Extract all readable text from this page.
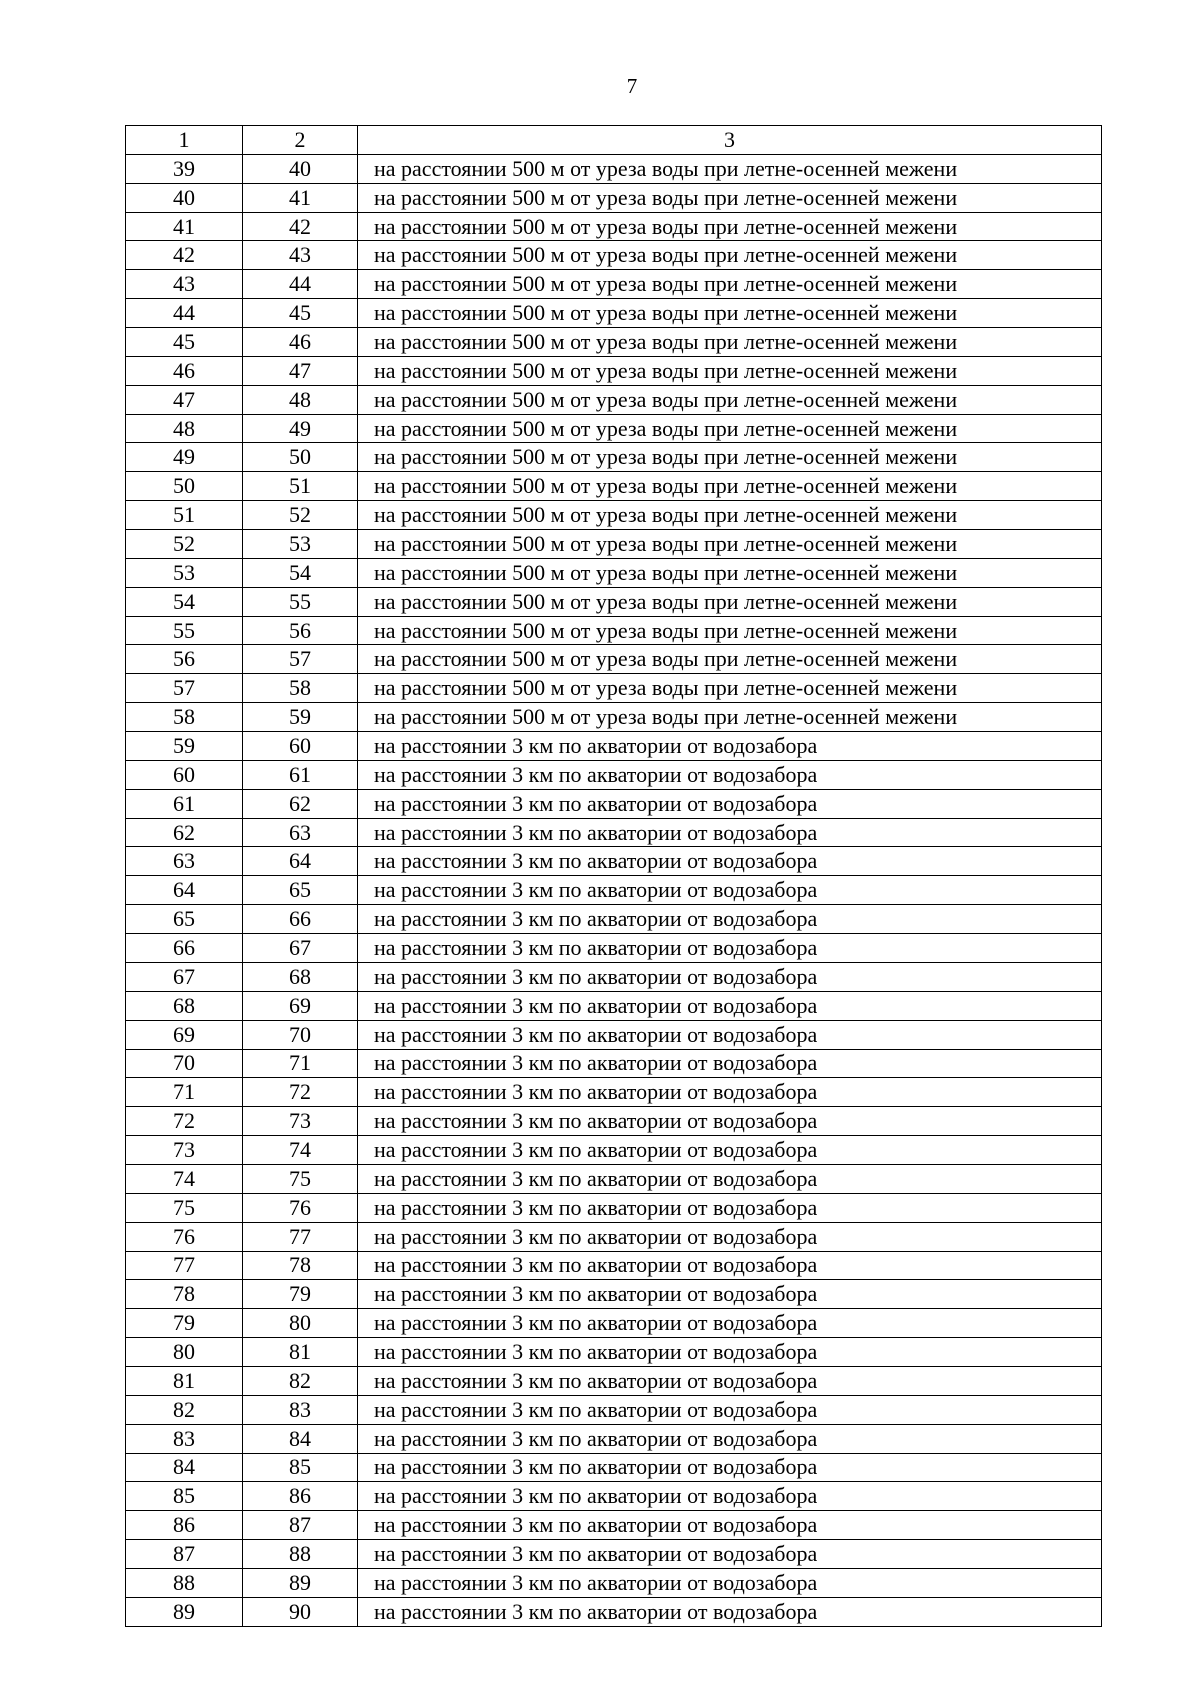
7
1	2	3
39	40	на расстоянии 500 м от уреза воды при летне-осенней межени
40	41	на расстоянии 500 м от уреза воды при летне-осенней межени
41	42	на расстоянии 500 м от уреза воды при летне-осенней межени
42	43	на расстоянии 500 м от уреза воды при летне-осенней межени
43	44	на расстоянии 500 м от уреза воды при летне-осенней межени
44	45	на расстоянии 500 м от уреза воды при летне-осенней межени
45	46	на расстоянии 500 м от уреза воды при летне-осенней межени
46	47	на расстоянии 500 м от уреза воды при летне-осенней межени
47	48	на расстоянии 500 м от уреза воды при летне-осенней межени
48	49	на расстоянии 500 м от уреза воды при летне-осенней межени
49	50	на расстоянии 500 м от уреза воды при летне-осенней межени
50	51	на расстоянии 500 м от уреза воды при летне-осенней межени
51	52	на расстоянии 500 м от уреза воды при летне-осенней межени
52	53	на расстоянии 500 м от уреза воды при летне-осенней межени
53	54	на расстоянии 500 м от уреза воды при летне-осенней межени
54	55	на расстоянии 500 м от уреза воды при летне-осенней межени
55	56	на расстоянии 500 м от уреза воды при летне-осенней межени
56	57	на расстоянии 500 м от уреза воды при летне-осенней межени
57	58	на расстоянии 500 м от уреза воды при летне-осенней межени
58	59	на расстоянии 500 м от уреза воды при летне-осенней межени
59	60	на расстоянии 3 км по акватории от водозабора
60	61	на расстоянии 3 км по акватории от водозабора
61	62	на расстоянии 3 км по акватории от водозабора
62	63	на расстоянии 3 км по акватории от водозабора
63	64	на расстоянии 3 км по акватории от водозабора
64	65	на расстоянии 3 км по акватории от водозабора
65	66	на расстоянии 3 км по акватории от водозабора
66	67	на расстоянии 3 км по акватории от водозабора
67	68	на расстоянии 3 км по акватории от водозабора
68	69	на расстоянии 3 км по акватории от водозабора
69	70	на расстоянии 3 км по акватории от водозабора
70	71	на расстоянии 3 км по акватории от водозабора
71	72	на расстоянии 3 км по акватории от водозабора
72	73	на расстоянии 3 км по акватории от водозабора
73	74	на расстоянии 3 км по акватории от водозабора
74	75	на расстоянии 3 км по акватории от водозабора
75	76	на расстоянии 3 км по акватории от водозабора
76	77	на расстоянии 3 км по акватории от водозабора
77	78	на расстоянии 3 км по акватории от водозабора
78	79	на расстоянии 3 км по акватории от водозабора
79	80	на расстоянии 3 км по акватории от водозабора
80	81	на расстоянии 3 км по акватории от водозабора
81	82	на расстоянии 3 км по акватории от водозабора
82	83	на расстоянии 3 км по акватории от водозабора
83	84	на расстоянии 3 км по акватории от водозабора
84	85	на расстоянии 3 км по акватории от водозабора
85	86	на расстоянии 3 км по акватории от водозабора
86	87	на расстоянии 3 км по акватории от водозабора
87	88	на расстоянии 3 км по акватории от водозабора
88	89	на расстоянии 3 км по акватории от водозабора
89	90	на расстоянии 3 км по акватории от водозабора
